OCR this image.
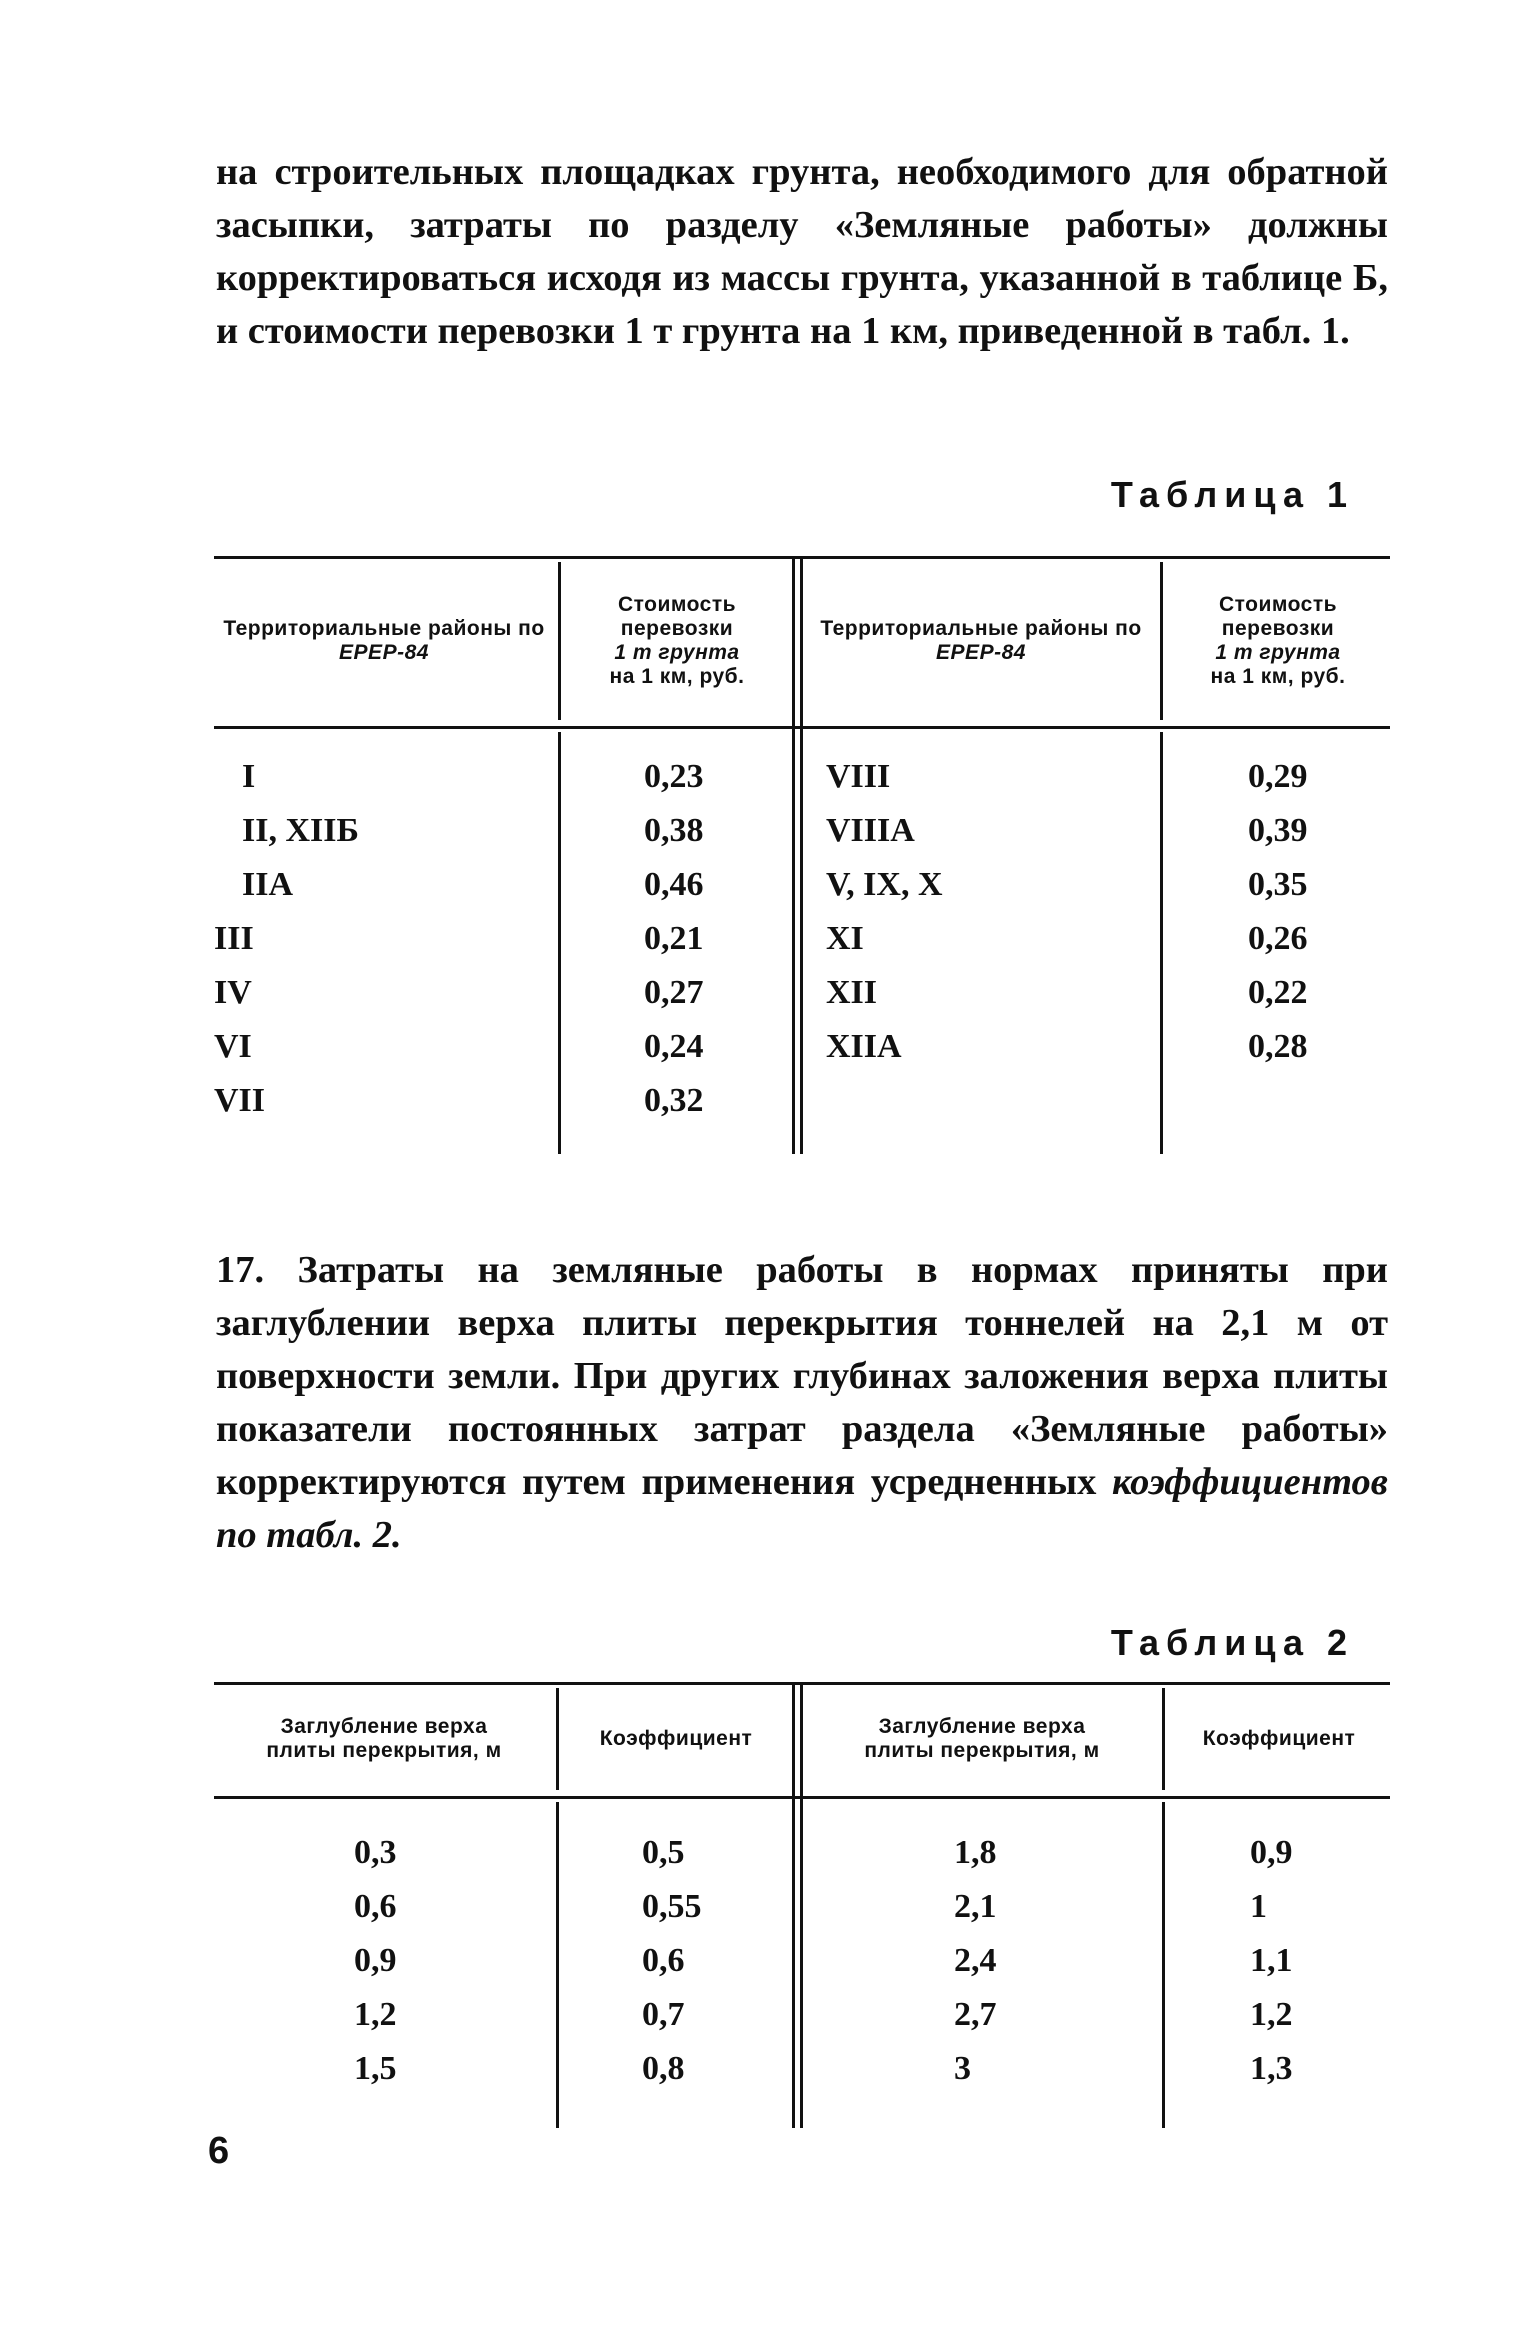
на строительных площадках грунта, необходимого для обратной засыпки, затраты по разделу «Земляные работы» должны корректироваться исходя из массы грунта, указанной в таблице Б, и стоимости перевозки 1 т грунта на 1 км, приведенной в табл. 1.

Таблица 1
Территориальные районы по
ЕРЕР-84
Стоимость
перевозки
1 т грунта
на 1 км, руб.
Территориальные районы по
ЕРЕР-84
Стоимость
перевозки
1 т грунта
на 1 км, руб.
I
II, XIIБ
IIA
III
IV
VI
VII
0,23
0,38
0,46
0,21
0,27
0,24
0,32
VIII
VIIIA
V, IX, X
XI
XII
XIIA
0,29
0,39
0,35
0,26
0,22
0,28

17. Затраты на земляные работы в нормах приняты при заглублении верха плиты перекрытия тоннелей на 2,1 м от поверхности земли. При других глубинах заложения верха плиты показатели постоянных затрат раздела «Земляные работы» корректируются путем применения усредненных коэффициентов по табл. 2.

Таблица 2
Заглубление верха
плиты перекрытия, м
Коэффициент
Заглубление верха
плиты перекрытия, м
Коэффициент
0,3
0,6
0,9
1,2
1,5
0,5
0,55
0,6
0,7
0,8
1,8
2,1
2,4
2,7
3
0,9
1
1,1
1,2
1,3
6
